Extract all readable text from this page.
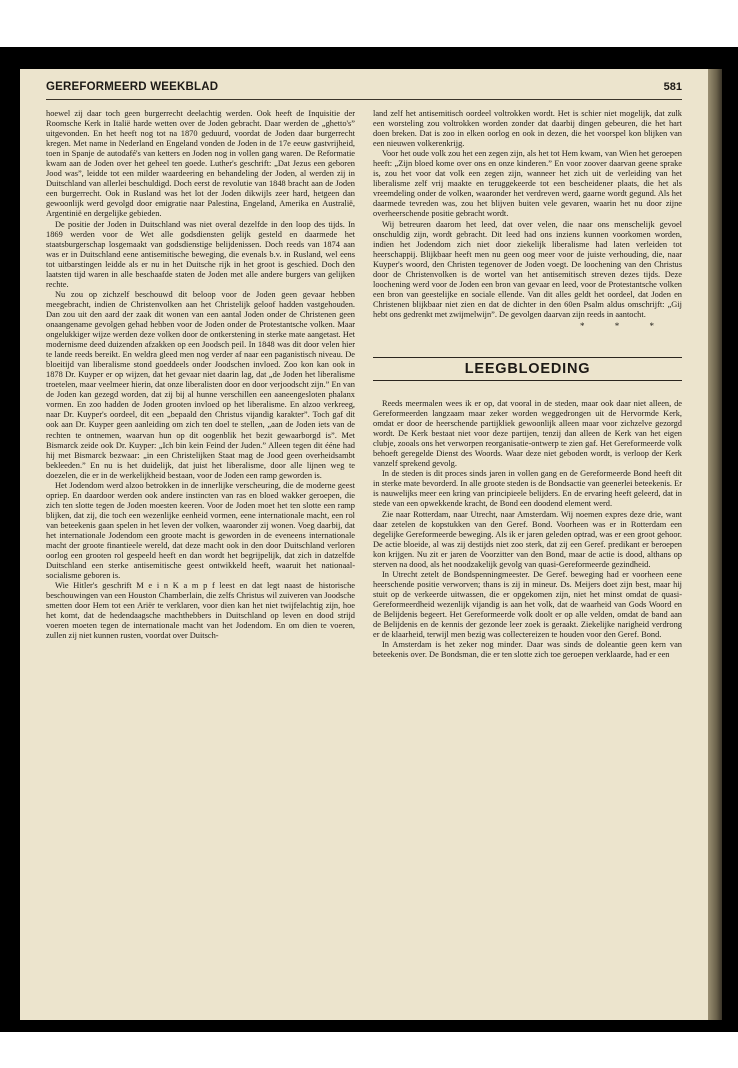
GEREFORMEERD WEEKBLAD	581

hoewel zij daar toch geen burgerrecht deelachtig werden. Ook heeft de Inquisitie der Roomsche Kerk in Italië harde wetten over de Joden gebracht. Daar werden de „ghetto's” uitgevonden. En het heeft nog tot na 1870 geduurd, voordat de Joden daar burgerrecht kregen. Met name in Nederland en Engeland vonden de Joden in de 17e eeuw gastvrijheid, toen in Spanje de autodafé's van ketters en Joden nog in vollen gang waren. De Reformatie kwam aan de Joden over het geheel ten goede. Luther's geschrift: „Dat Jezus een geboren Jood was”, leidde tot een milder waardeering en behandeling der Joden, al werden zij in Duitschland van allerlei beschuldigd. Doch eerst de revolutie van 1848 bracht aan de Joden een burgerrecht. Ook in Rusland was het lot der Joden dikwijls zeer hard, hetgeen dan gewoonlijk werd gevolgd door emigratie naar Palestina, Engeland, Amerika en Australië, Argentinië en dergelijke gebieden.

De positie der Joden in Duitschland was niet overal dezelfde in den loop des tijds. In 1869 werden voor de Wet alle godsdiensten gelijk gesteld en daarmede het staatsburgerschap losgemaakt van godsdienstige belijdenissen. Doch reeds van 1874 aan was er in Duitschland eene antisemitische beweging, die evenals b.v. in Rusland, wel eens tot uitbarstingen leidde als er nu in het Duitsche rijk in het groot is geschied. Doch den laatsten tijd waren in alle beschaafde staten de Joden met alle andere burgers van gelijken rechte.

Nu zou op zichzelf beschouwd dit beloop voor de Joden geen gevaar hebben meegebracht, indien de Christenvolken aan het Christelijk geloof hadden vastgehouden. Dan zou uit den aard der zaak dit wonen van een aantal Joden onder de Christenen geen onaangename gevolgen gehad hebben voor de Joden onder de Protestantsche volken. Maar ongelukkiger wijze werden deze volken door de ontkerstening in sterke mate aangetast. Het modernisme deed duizenden afzakken op een Joodsch peil. In 1848 was dit door velen hier te lande reeds bereikt. En weldra gleed men nog verder af naar een paganistisch niveau. De bloeitijd van liberalisme stond goeddeels onder Joodschen invloed. Zoo kon kan ook in 1878 Dr. Kuyper er op wijzen, dat het gevaar niet daarin lag, dat „de Joden het liberalisme troetelen, maar veelmeer hierin, dat onze liberalisten door en door verjoodscht zijn.” En van de Joden kan gezegd worden, dat zij bij al hunne verschillen een aaneengesloten phalanx vormen. En zoo hadden de Joden grooten invloed op het liberalisme. En alzoo verkreeg, naar Dr. Kuyper's oordeel, dit een „bepaald den Christus vijandig karakter”. Toch gaf dit ook aan Dr. Kuyper geen aanleiding om zich ten doel te stellen, „aan de Joden iets van de rechten te ontnemen, waarvan hun op dit oogenblik het bezit gewaarborgd is”. Met Bismarck zeide ook Dr. Kuyper: „Ich bin kein Feind der Juden.” Alleen tegen dit ééne had hij met Bismarck bezwaar: „in een Christelijken Staat mag de Jood geen overheidsambt bekleeden.” En nu is het duidelijk, dat juist het liberalisme, door alle lijnen weg te doezelen, die er in de werkelijkheid bestaan, voor de Joden een ramp geworden is.

Het Jodendom werd alzoo betrokken in de innerlijke verscheuring, die de moderne geest opriep. En daardoor werden ook andere instincten van ras en bloed wakker geroepen, die zich ten slotte tegen de Joden moesten keeren. Voor de Joden moet het ten slotte een ramp blijken, dat zij, die toch een wezenlijke eenheid vormen, eene internationale macht, een rol van beteekenis gaan spelen in het leven der volken, waaronder zij wonen. Voeg daarbij, dat het internationale Jodendom een groote macht is geworden in de eveneens internationale macht der groote finantieele wereld, dat deze macht ook in den door Duitschland verloren oorlog een grooten rol gespeeld heeft en dan wordt het begrijpelijk, dat zich in datzelfde Duitschland een sterke antisemitische geest ontwikkeld heeft, waaruit het nationaal-socialisme geboren is.

Wie Hitler's geschrift M e i n K a m p f leest en dat legt naast de historische beschouwingen van een Houston Chamberlain, die zelfs Christus wil zuiveren van Joodsche smetten door Hem tot een Ariër te verklaren, voor dien kan het niet twijfelachtig zijn, hoe het komt, dat de hedendaagsche machthebbers in Duitschland op leven en dood strijd voeren moeten tegen de internationale macht van het Jodendom. En om dien te voeren, zullen zij niet kunnen rusten, voordat over Duitsch-

land zelf het antisemitisch oordeel voltrokken wordt. Het is schier niet mogelijk, dat zulk een worsteling zou voltrokken worden zonder dat daarbij dingen gebeuren, die het hart doen breken. Dat is zoo in elken oorlog en ook in dezen, die het voorspel kon blijken van een nieuwen volkerenkrijg.

Voor het oude volk zou het een zegen zijn, als het tot Hem kwam, van Wien het geroepen heeft: „Zijn bloed kome over ons en onze kinderen.” En voor zoover daarvan geene sprake is, zou het voor dat volk een zegen zijn, wanneer het zich uit de verleiding van het liberalisme zelf vrij maakte en teruggekeerde tot een bescheidener plaats, die het als vreemdeling onder de volken, waaronder het verdreven werd, gaarne wordt gegund. Als het daarmede tevreden was, zou het blijven buiten vele gevaren, waarin het nu door zijne overheerschende positie gebracht wordt.

Wij betreuren daarom het leed, dat over velen, die naar ons menschelijk gevoel onschuldig zijn, wordt gebracht. Dit leed had ons inziens kunnen voorkomen worden, indien het Jodendom zich niet door ziekelijk liberalisme had laten verleiden tot heerschappij. Blijkbaar heeft men nu geen oog meer voor de juiste verhouding, die, naar Kuyper's woord, den Christen tegenover de Joden voegt. De loochening van den Christus door de Christenvolken is de wortel van het antisemitisch streven dezes tijds. Deze loochening werd voor de Joden een bron van gevaar en leed, voor de Protestantsche volken een bron van geestelijke en sociale ellende. Van dit alles geldt het oordeel, dat Joden en Christenen blijkbaar niet zien en dat de dichter in den 60en Psalm aldus omschrijft: „Gij hebt ons gedrenkt met zwijmelwijn”. De gevolgen daarvan zijn reeds in aantocht.

* * *
LEEGBLOEDING

Reeds meermalen wees ik er op, dat vooral in de steden, maar ook daar niet alleen, de Gereformeerden langzaam maar zeker worden weggedrongen uit de Hervormde Kerk, omdat er door de heerschende partijkliek gewoonlijk alleen maar voor zichzelve gezorgd wordt. De Kerk bestaat niet voor deze partijen, tenzij dan alleen de Kerk van het eigen clubje, zooals ons het verworpen reorganisatie-ontwerp te zien gaf. Het Gereformeerde volk behoeft geregelde Dienst des Woords. Waar deze niet geboden wordt, is verloop der Kerk vanzelf sprekend gevolg.

In de steden is dit proces sinds jaren in vollen gang en de Gereformeerde Bond heeft dit in sterke mate bevorderd. In alle groote steden is de Bondsactie van geenerlei beteekenis. Er is nauwelijks meer een kring van principieele belijders. En de ervaring heeft geleerd, dat in stede van een opwekkende kracht, de Bond een doodend element werd.

Zie naar Rotterdam, naar Utrecht, naar Amsterdam. Wij noemen expres deze drie, want daar zetelen de kopstukken van den Geref. Bond. Voorheen was er in Rotterdam een degelijke Gereformeerde beweging. Als ik er jaren geleden optrad, was er een groot gehoor. De actie bloeide, al was zij destijds niet zoo sterk, dat zij een Geref. predikant er beroepen kon krijgen. Nu zit er jaren de Voorzitter van den Bond, maar de actie is dood, althans op sterven na dood, als het noodzakelijk gevolg van quasi-Gereformeerde gezindheid.

In Utrecht zetelt de Bondspenningmeester. De Geref. beweging had er voorheen eene heerschende positie verworven; thans is zij in mineur. Ds. Meijers doet zijn best, maar hij stuit op de verkeerde uitwassen, die er opgekomen zijn, niet het minst omdat de quasi-Gereformeerdheid wezenlijk vijandig is aan het volk, dat de waarheid van Gods Woord en de Belijdenis begeert. Het Gereformeerde volk doolt er op alle velden, omdat de band aan de Belijdenis en de kennis der gezonde leer zoek is geraakt. Ziekelijke narigheid verdrong er de klaarheid, terwijl men bezig was collectereizen te houden voor den Geref. Bond.

In Amsterdam is het zeker nog minder. Daar was sinds de doleantie geen kern van beteekenis over. De Bondsman, die er ten slotte zich toe geroepen verklaarde, had er een
